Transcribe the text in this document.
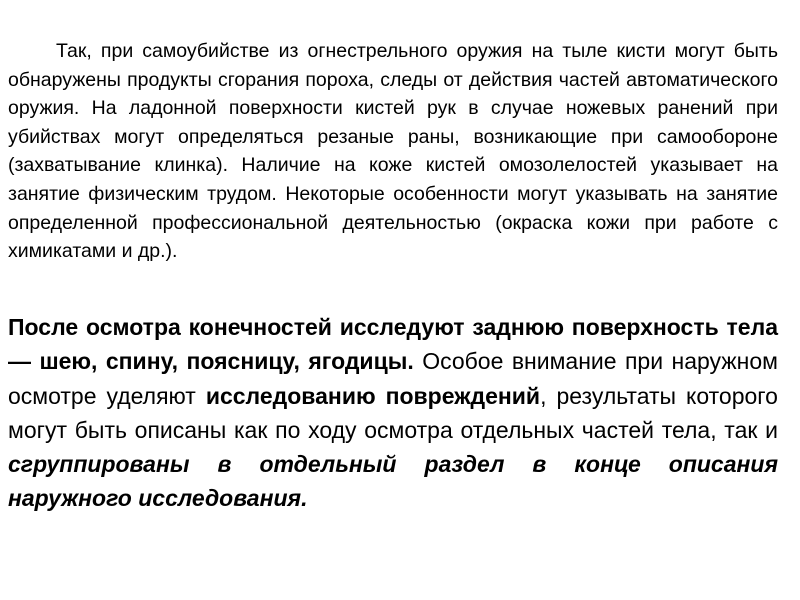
Так, при самоубийстве из огнестрельного оружия на тыле кисти могут быть обнаружены продукты сгорания пороха, следы от действия частей автоматического оружия. На ладонной поверхности кистей рук в случае ножевых ранений при убийствах могут определяться резаные раны, возникающие при самообороне (захватывание клинка). Наличие на коже кистей омозолелостей указывает на занятие физическим трудом. Некоторые особенности могут указывать на занятие определенной профессиональной деятельностью (окраска кожи при работе с химикатами и др.).

После осмотра конечностей исследуют заднюю поверхность тела — шею, спину, поясницу, ягодицы. Особое внимание при наружном осмотре уделяют исследованию повреждений, результаты которого могут быть описаны как по ходу осмотра отдельных частей тела, так и сгруппированы в отдельный раздел в конце описания наружного исследования.
